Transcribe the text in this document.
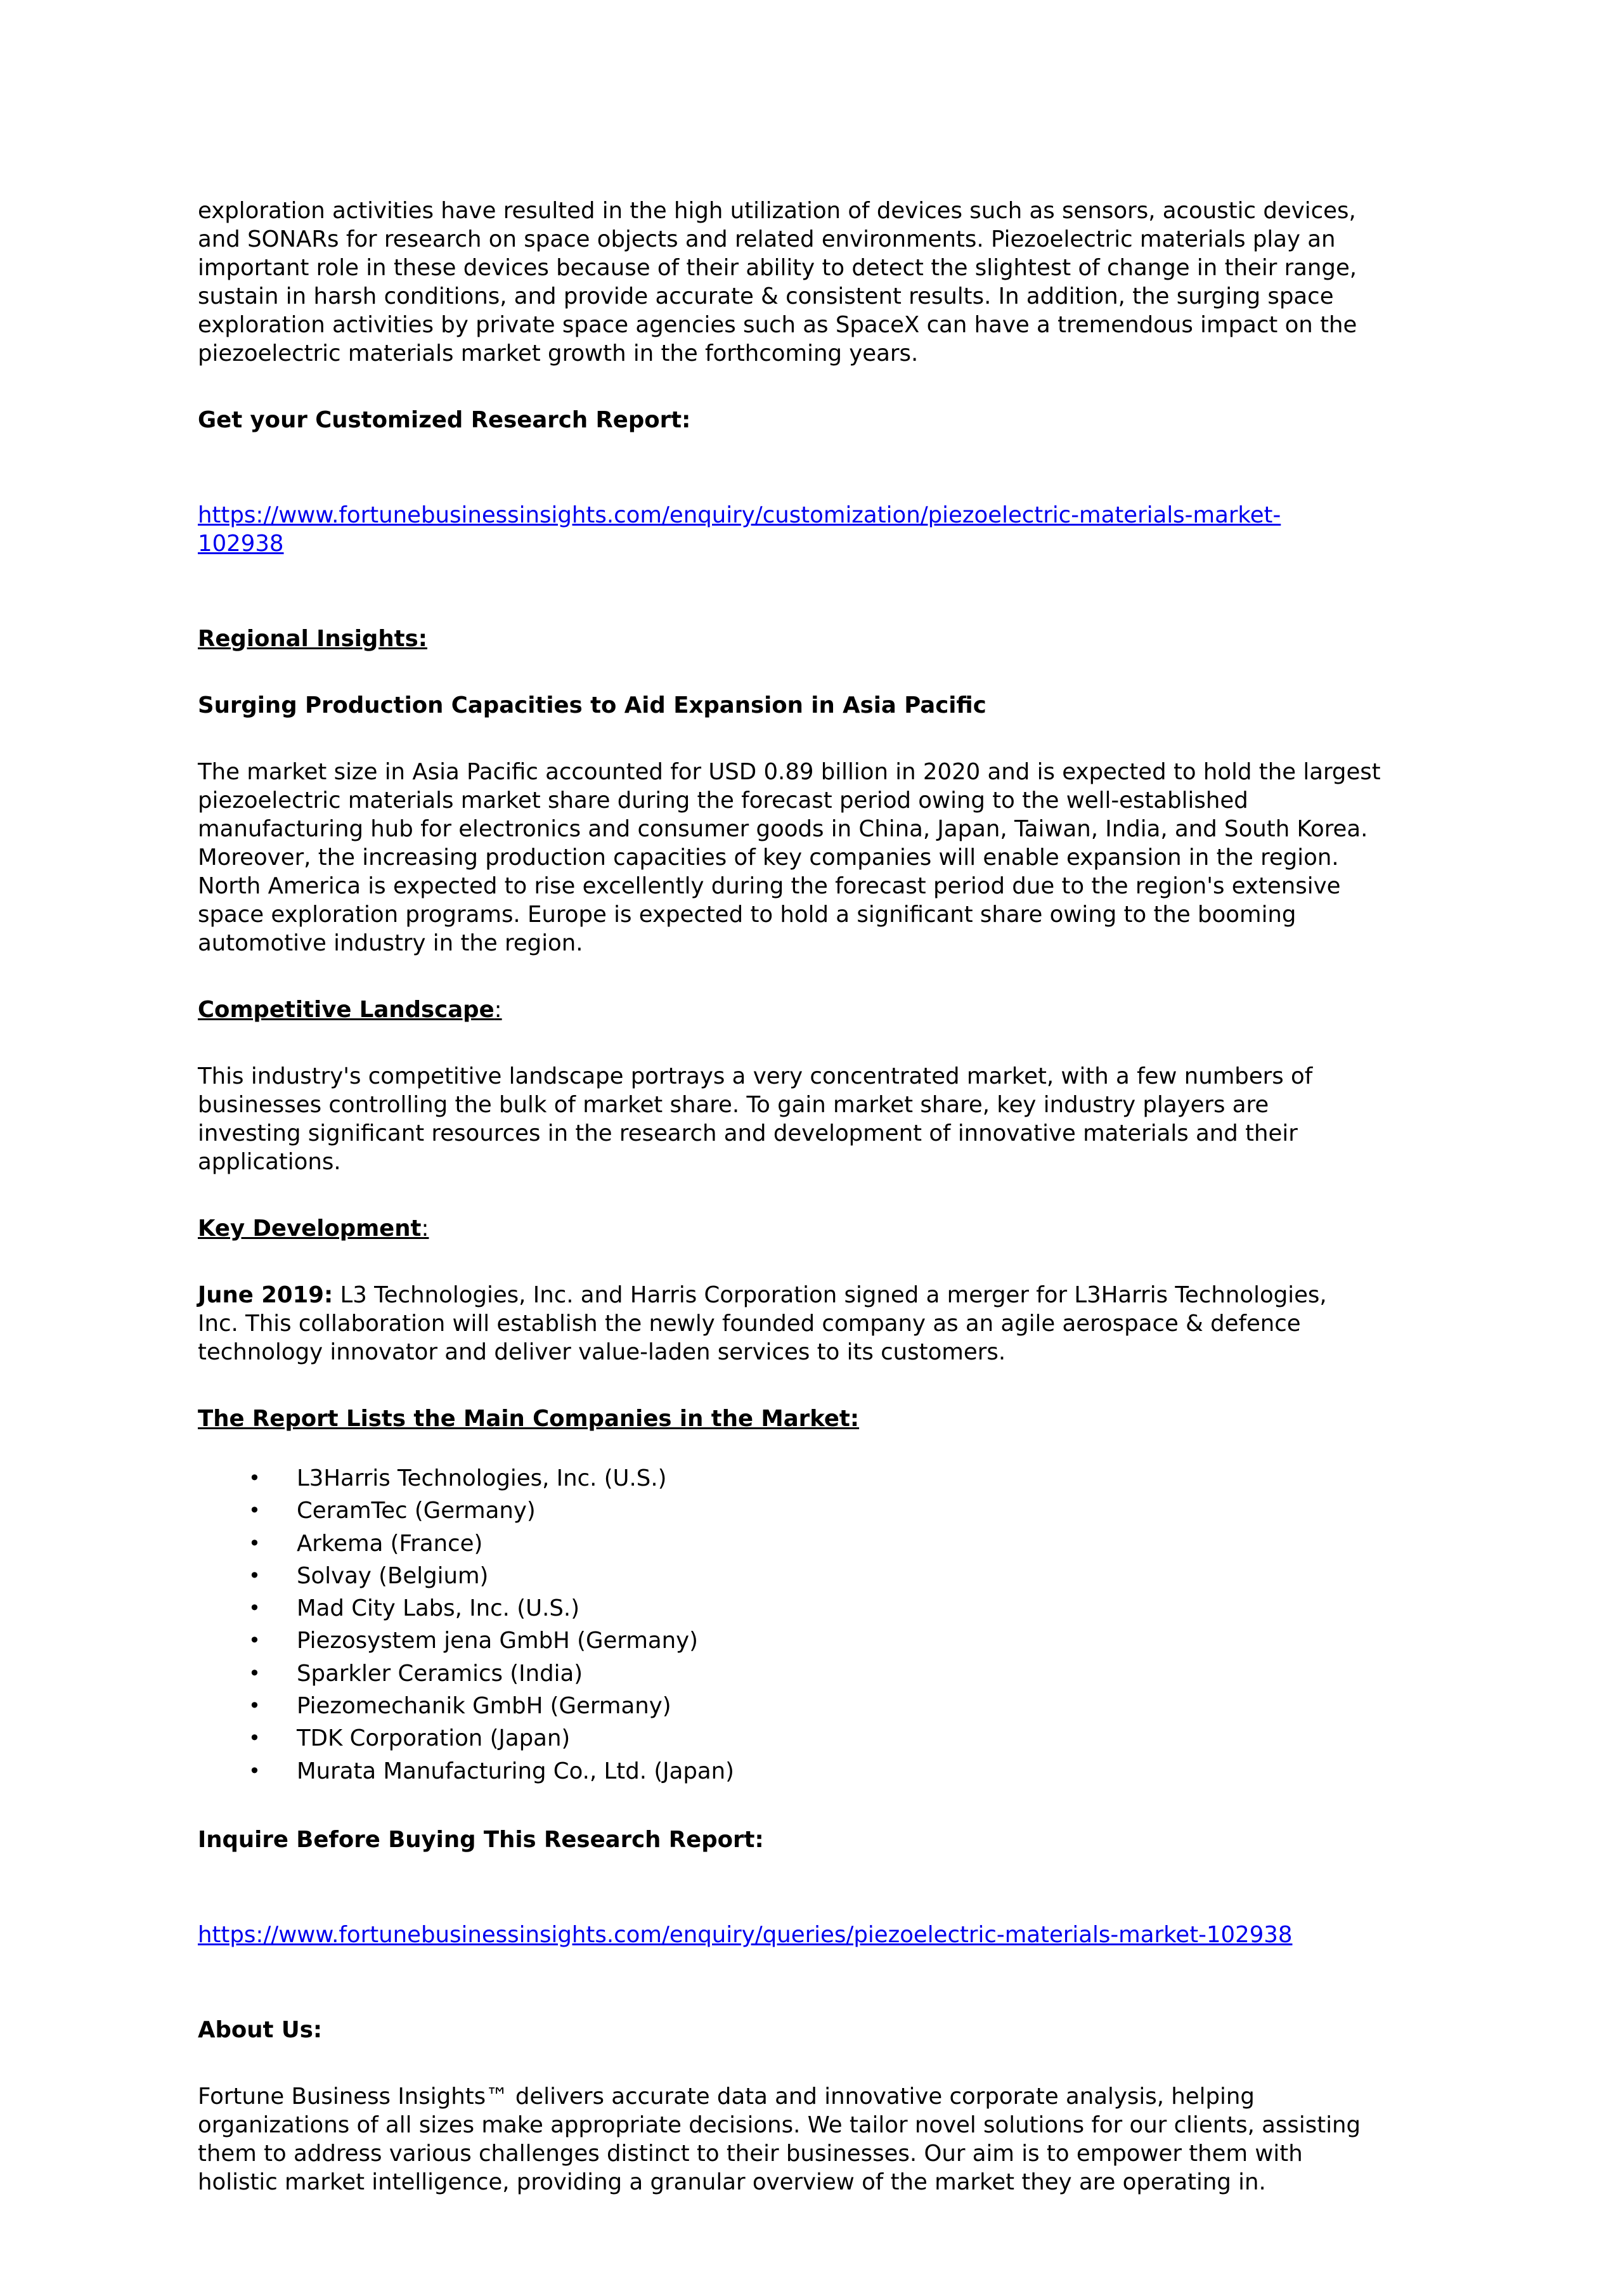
exploration activities have resulted in the high utilization of devices such as sensors, acoustic devices,
and SONARs for research on space objects and related environments. Piezoelectric materials play an
important role in these devices because of their ability to detect the slightest of change in their range,
sustain in harsh conditions, and provide accurate & consistent results. In addition, the surging space
exploration activities by private space agencies such as SpaceX can have a tremendous impact on the
piezoelectric materials market growth in the forthcoming years.

Get your Customized Research Report:

https://www.fortunebusinessinsights.com/enquiry/customization/piezoelectric-materials-market-
102938

Regional Insights:
Surging Production Capacities to Aid Expansion in Asia Pacific

The market size in Asia Pacific accounted for USD 0.89 billion in 2020 and is expected to hold the largest
piezoelectric materials market share during the forecast period owing to the well-established
manufacturing hub for electronics and consumer goods in China, Japan, Taiwan, India, and South Korea.
Moreover, the increasing production capacities of key companies will enable expansion in the region.
North America is expected to rise excellently during the forecast period due to the region's extensive
space exploration programs. Europe is expected to hold a significant share owing to the booming
automotive industry in the region.

Competitive Landscape:

This industry's competitive landscape portrays a very concentrated market, with a few numbers of
businesses controlling the bulk of market share. To gain market share, key industry players are
investing significant resources in the research and development of innovative materials and their
applications.

Key Development:

June 2019: L3 Technologies, Inc. and Harris Corporation signed a merger for L3Harris Technologies,
Inc. This collaboration will establish the newly founded company as an agile aerospace & defence
technology innovator and deliver value-laden services to its customers.

The Report Lists the Main Companies in the Market:
• L3Harris Technologies, Inc. (U.S.)
• CeramTec (Germany)
• Arkema (France)
• Solvay (Belgium)
• Mad City Labs, Inc. (U.S.)
• Piezosystem jena GmbH (Germany)
• Sparkler Ceramics (India)
• Piezomechanik GmbH (Germany)
• TDK Corporation (Japan)
• Murata Manufacturing Co., Ltd. (Japan)
Inquire Before Buying This Research Report:

https://www.fortunebusinessinsights.com/enquiry/queries/piezoelectric-materials-market-102938

About Us:

Fortune Business Insights™ delivers accurate data and innovative corporate analysis, helping
organizations of all sizes make appropriate decisions. We tailor novel solutions for our clients, assisting
them to address various challenges distinct to their businesses. Our aim is to empower them with
holistic market intelligence, providing a granular overview of the market they are operating in.
